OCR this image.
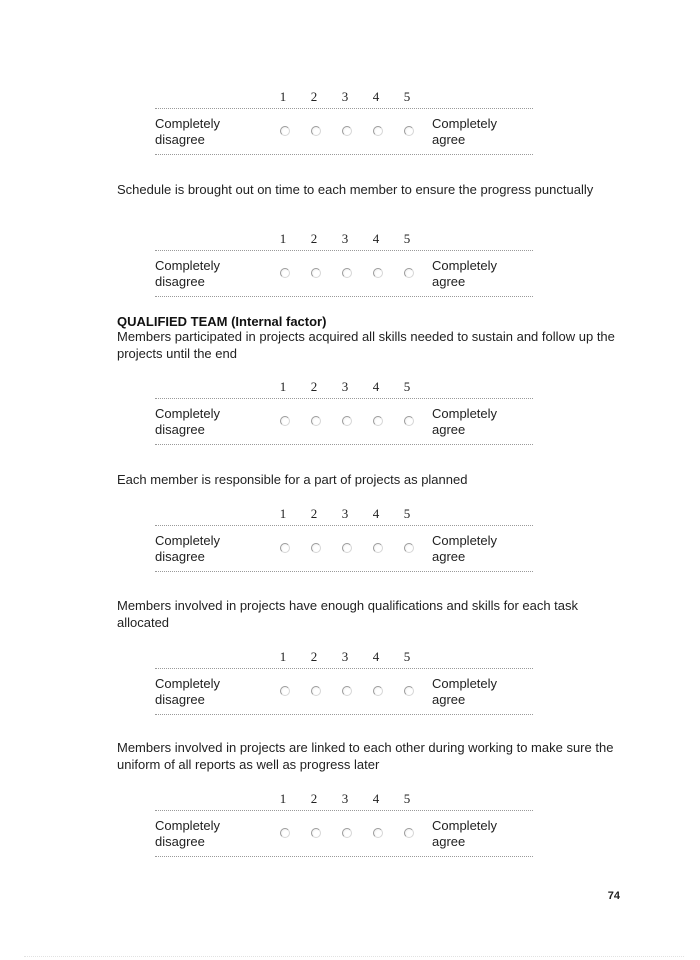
1	2	3	4	5
Completely disagree
Completely agree
Schedule is brought out on time to each member to ensure the progress punctually
1	2	3	4	5
Completely disagree
Completely agree
QUALIFIED TEAM (Internal factor)
Members participated in projects acquired all skills needed to sustain and follow up the projects until the end
1	2	3	4	5
Completely disagree
Completely agree
Each member is responsible for a part of projects as planned
1	2	3	4	5
Completely disagree
Completely agree
Members involved in projects have enough qualifications and skills for each task allocated
1	2	3	4	5
Completely disagree
Completely agree
Members involved in projects are linked to each other during working to make sure the uniform of all reports as well as progress later
1	2	3	4	5
Completely disagree
Completely agree
74
